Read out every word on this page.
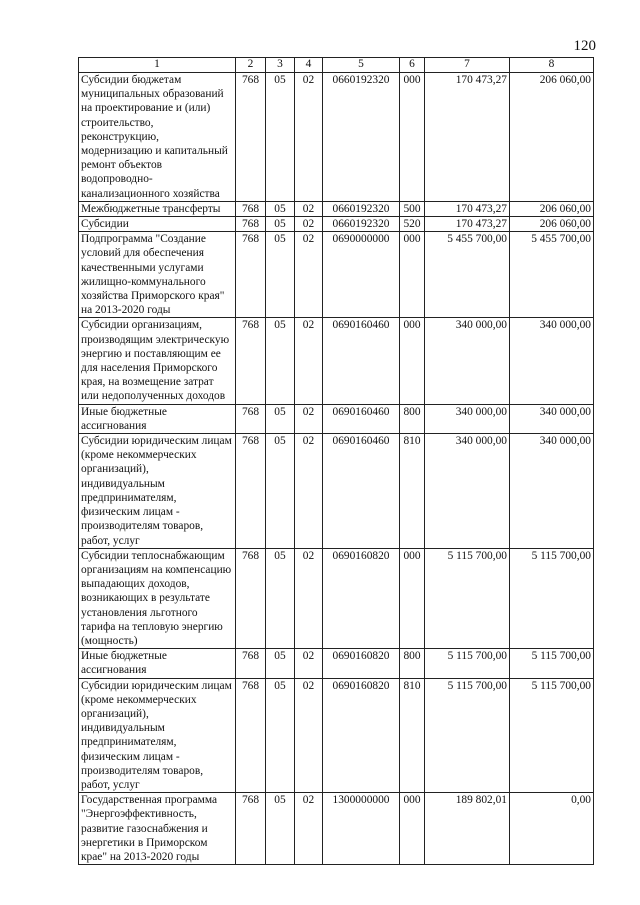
120
1	2	3	4	5	6	7	8
Субсидии бюджетам муниципальных образований на проектирование и (или) строительство, реконструкцию, модернизацию и капитальный ремонт объектов водопроводно-канализационного хозяйства	768	05	02	0660192320	000	170 473,27	206 060,00
Межбюджетные трансферты	768	05	02	0660192320	500	170 473,27	206 060,00
Субсидии	768	05	02	0660192320	520	170 473,27	206 060,00
Подпрограмма "Создание условий для обеспечения качественными услугами жилищно-коммунального хозяйства Приморского края" на 2013-2020 годы	768	05	02	0690000000	000	5 455 700,00	5 455 700,00
Субсидии организациям, производящим электрическую энергию и поставляющим ее для населения Приморского края, на возмещение затрат или недополученных доходов	768	05	02	0690160460	000	340 000,00	340 000,00
Иные бюджетные ассигнования	768	05	02	0690160460	800	340 000,00	340 000,00
Субсидии юридическим лицам (кроме некоммерческих организаций), индивидуальным предпринимателям, физическим лицам - производителям товаров, работ, услуг	768	05	02	0690160460	810	340 000,00	340 000,00
Субсидии теплоснабжающим организациям на компенсацию выпадающих доходов, возникающих в результате установления льготного тарифа на тепловую энергию (мощность)	768	05	02	0690160820	000	5 115 700,00	5 115 700,00
Иные бюджетные ассигнования	768	05	02	0690160820	800	5 115 700,00	5 115 700,00
Субсидии юридическим лицам (кроме некоммерческих организаций), индивидуальным предпринимателям, физическим лицам - производителям товаров, работ, услуг	768	05	02	0690160820	810	5 115 700,00	5 115 700,00
Государственная программа "Энергоэффективность, развитие газоснабжения и энергетики в Приморском крае" на 2013-2020 годы	768	05	02	1300000000	000	189 802,01	0,00
